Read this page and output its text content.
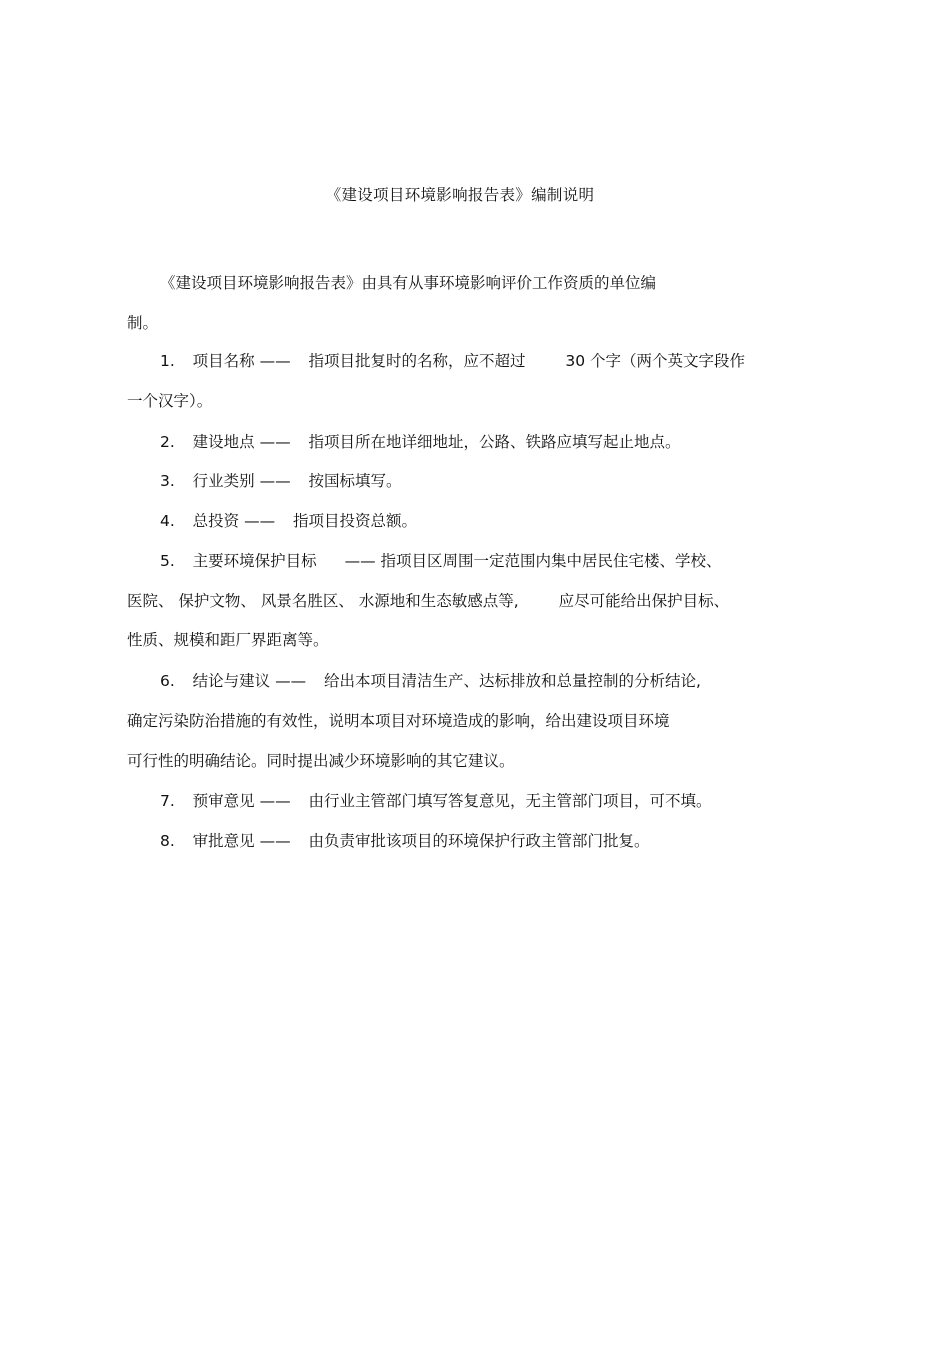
《建设项目环境影响报告表》编制说明
《建设项目环境影响报告表》由具有从事环境影响评价工作资质的单位编
制。
1. 项目名称 —— 指项目批复时的名称，应不超过	30 个字（两个英文字段作
一个汉字）。
2. 建设地点 —— 指项目所在地详细地址，公路、铁路应填写起止地点。
3. 行业类别 —— 按国标填写。
4. 总投资 —— 指项目投资总额。
5. 主要环境保护目标 —— 指项目区周围一定范围内集中居民住宅楼、学校、
医院、 保护文物、 风景名胜区、 水源地和生态敏感点等,	应尽可能给出保护目标、
性质、规模和距厂界距离等。
6. 结论与建议 —— 给出本项目清洁生产、达标排放和总量控制的分析结论,
确定污染防治措施的有效性，说明本项目对环境造成的影响，给出建设项目环境
可行性的明确结论。同时提出减少环境影响的其它建议。
7. 预审意见 —— 由行业主管部门填写答复意见，无主管部门项目，可不填。
8. 审批意见 —— 由负责审批该项目的环境保护行政主管部门批复。
